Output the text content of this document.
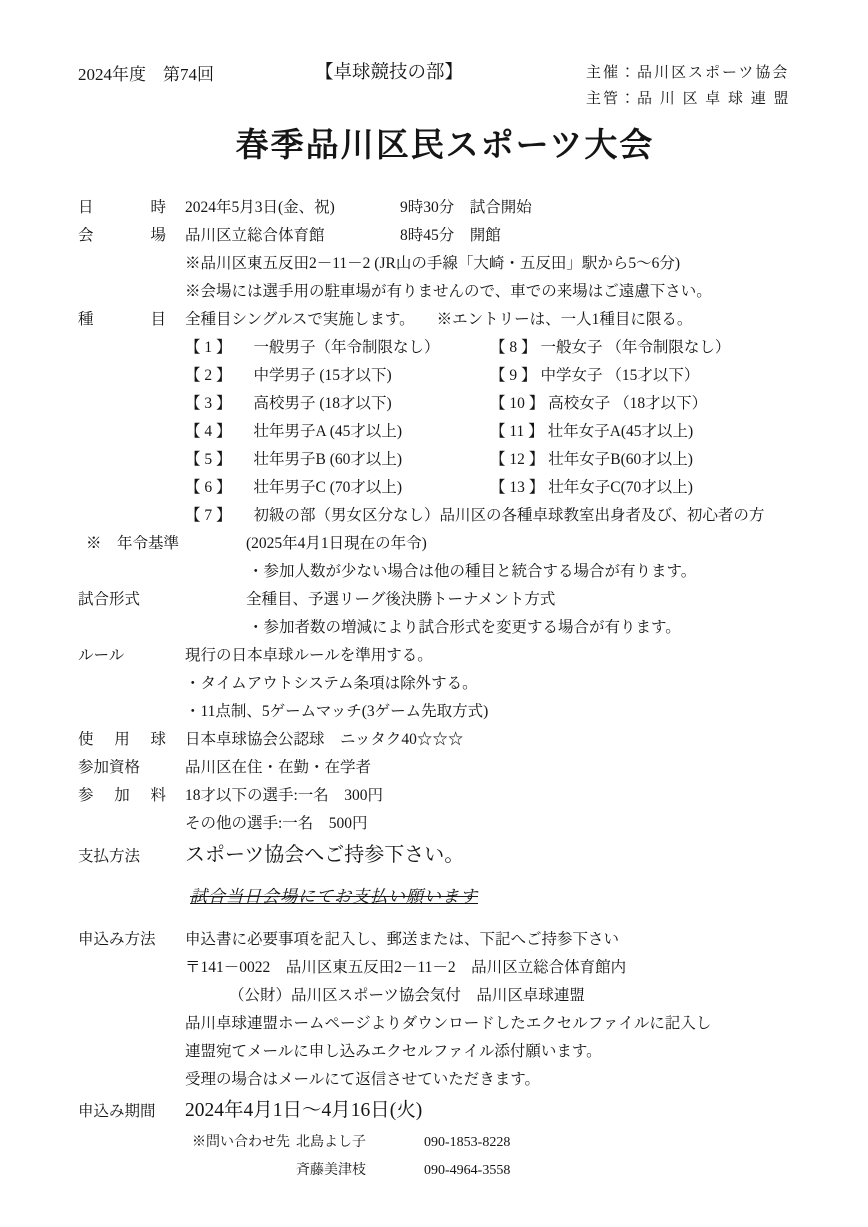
2024年度　第74回	【卓球競技の部】	主催：品川区スポーツ協会
主管：品 川 区 卓 球 連 盟
春季品川区民スポーツ大会
日 時	2024年5月3日(金、祝)	9時30分　試合開始
会 場	品川区立総合体育館	8時45分　開館
※品川区東五反田2－11－2 (JR山の手線「大崎・五反田」駅から5～6分)
※会場には選手用の駐車場が有りませんので、車での来場はご遠慮下さい。
種 目	全種目シングルスで実施します。 ※エントリーは、一人1種目に限る。
【 1 】 一般男子（年令制限なし）	【 8 】 一般女子 （年令制限なし）
【 2 】 中学男子 (15才以下)	【 9 】 中学女子 （15才以下）
【 3 】 高校男子 (18才以下)	【 10 】 高校女子 （18才以下）
【 4 】 壮年男子A (45才以上)	【 11 】 壮年女子A(45才以上)
【 5 】 壮年男子B (60才以上)	【 12 】 壮年女子B(60才以上)
【 6 】 壮年男子C (70才以上)	【 13 】 壮年女子C(70才以上)
【 7 】 初級の部（男女区分なし）品川区の各種卓球教室出身者及び、初心者の方
※　年令基準	(2025年4月1日現在の年令)
・参加人数が少ない場合は他の種目と統合する場合が有ります。
試合形式	全種目、予選リーグ後決勝トーナメント方式
・参加者数の増減により試合形式を変更する場合が有ります。
ルール	現行の日本卓球ルールを準用する。
・タイムアウトシステム条項は除外する。
・11点制、5ゲームマッチ(3ゲーム先取方式)
使 用 球	日本卓球協会公認球　ニッタク40☆☆☆
参加資格	品川区在住・在勤・在学者
参 加 料	18才以下の選手:一名　300円
その他の選手:一名　500円
支払方法	スポーツ協会へご持参下さい。
試合当日会場にてお支払い願います
申込み方法	申込書に必要事項を記入し、郵送または、下記へご持参下さい
〒141－0022　品川区東五反田2－11－2　品川区立総合体育館内
（公財）品川区スポーツ協会気付　品川区卓球連盟
品川卓球連盟ホームページよりダウンロードしたエクセルファイルに記入し
連盟宛てメールに申し込みエクセルファイル添付願います。
受理の場合はメールにて返信させていただきます。
申込み期間	2024年4月1日～4月16日(火)
※問い合わせ先 北島よし子	090-1853-8228
斉藤美津枝	090-4964-3558
